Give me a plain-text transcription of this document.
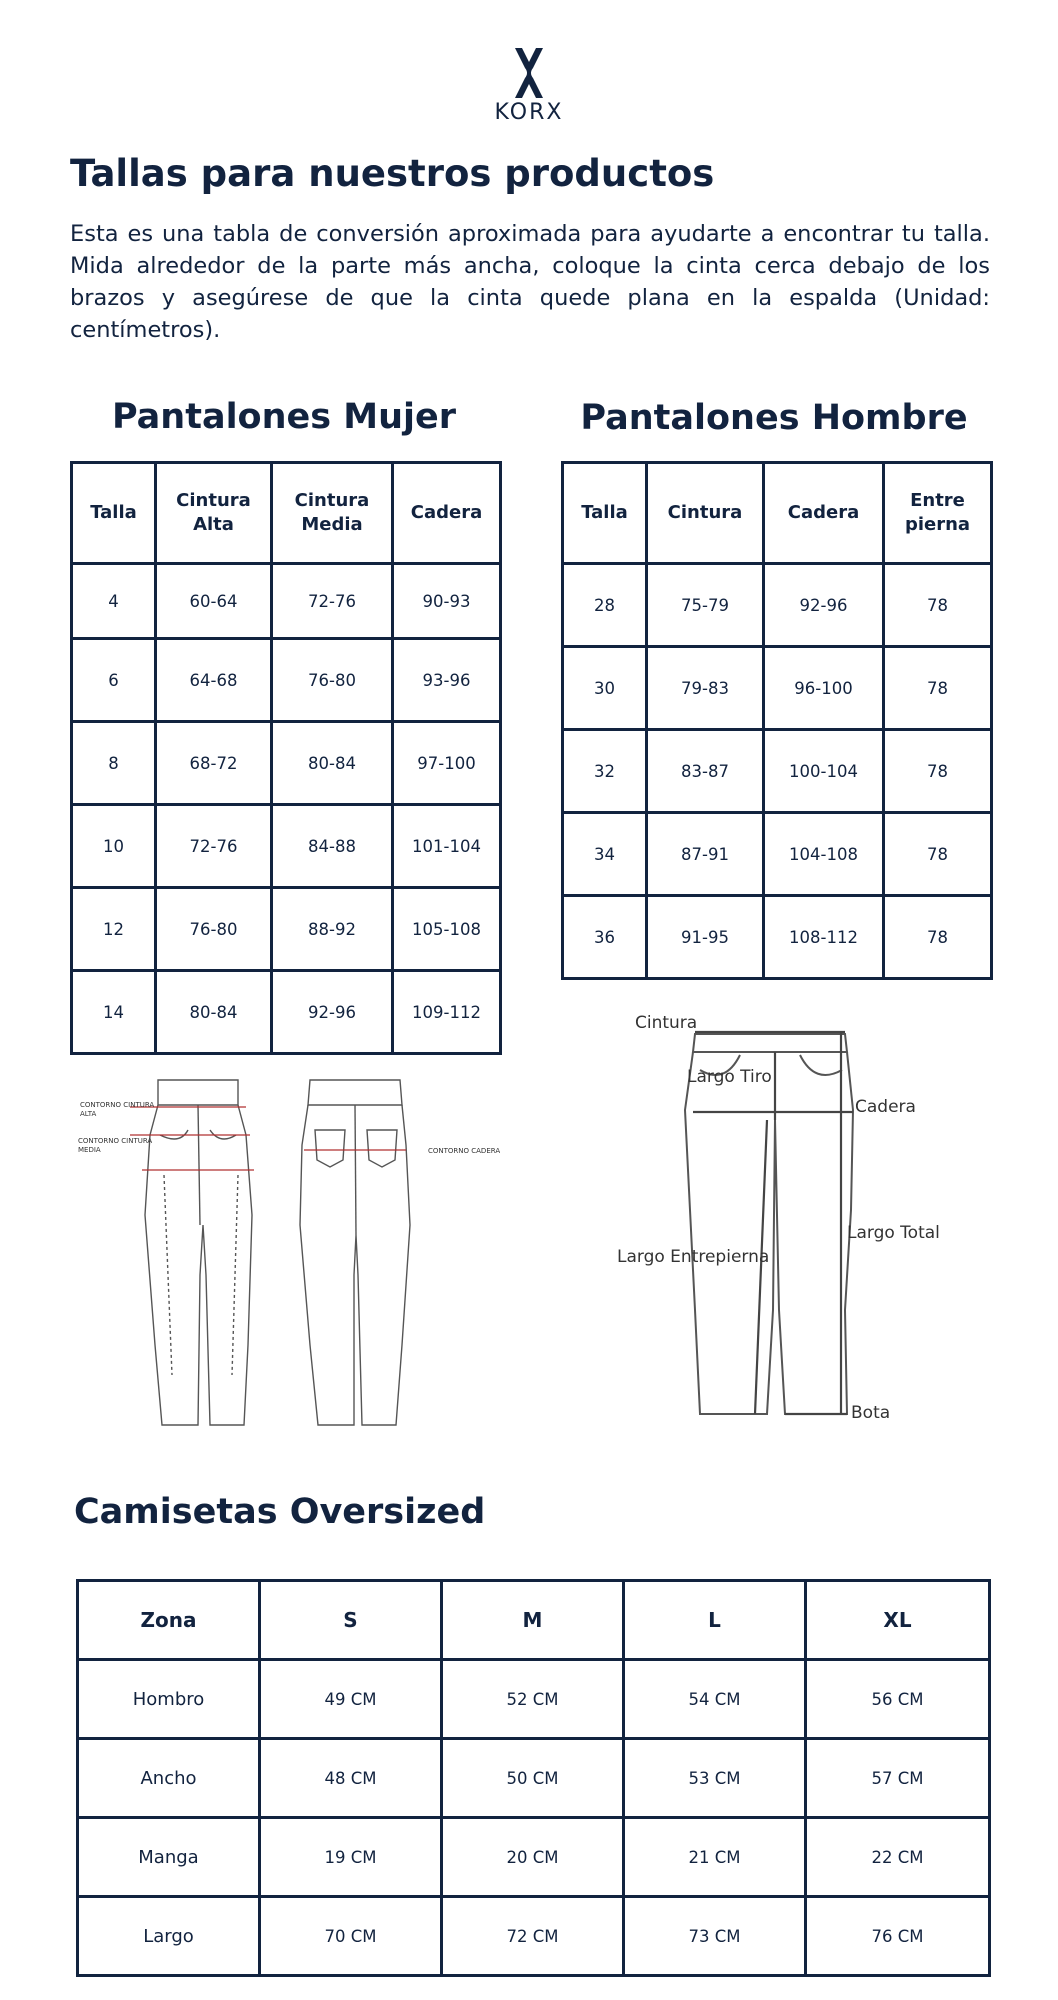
KORX
Tallas para nuestros productos

Esta es una tabla de conversión aproximada para ayudarte a encontrar tu talla. Mida alrededor de la parte más ancha, coloque la cinta cerca debajo de los brazos y asegúrese de que la cinta quede plana en la espalda (Unidad: centímetros).

Pantalones Mujer
Talla	Cintura Alta	Cintura Media	Cadera
4	60-64	72-76	90-93
6	64-68	76-80	93-96
8	68-72	80-84	97-100
10	72-76	84-88	101-104
12	76-80	88-92	105-108
14	80-84	92-96	109-112
Pantalones Hombre
Talla	Cintura	Cadera	Entre pierna
28	75-79	92-96	78
30	79-83	96-100	78
32	83-87	100-104	78
34	87-91	104-108	78
36	91-95	108-112	78
CONTORNO CINTURA ALTA
CONTORNO CINTURA MEDIA	CONTORNO CADERA
Cintura
Largo Tiro
Cadera
Largo Total
Largo Entrepierna
Bota
Camisetas Oversized
Zona	S	M	L	XL
Hombro	49 CM	52 CM	54 CM	56 CM
Ancho	48 CM	50 CM	53 CM	57 CM
Manga	19 CM	20 CM	21 CM	22 CM
Largo	70 CM	72 CM	73 CM	76 CM
